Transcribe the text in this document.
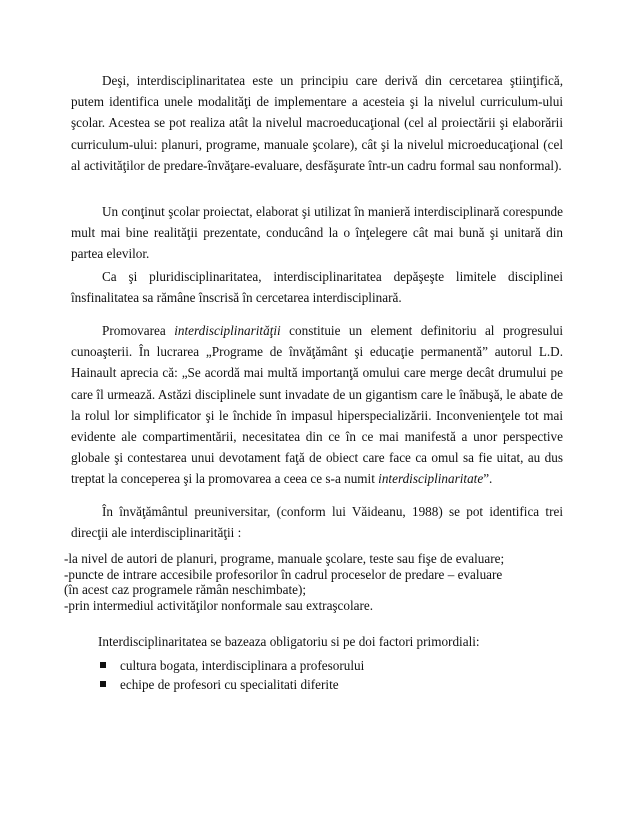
Deşi, interdisciplinaritatea este un principiu care derivă din cercetarea ştiinţifică, putem identifica unele modalităţi de implementare a acesteia şi la nivelul curriculum-ului şcolar. Acestea se pot realiza atât la nivelul macroeducaţional (cel al proiectării şi elaborării curriculum-ului: planuri, programe, manuale şcolare), cât şi la nivelul microeducaţional (cel al activităţilor de predare-învăţare-evaluare, desfăşurate într-un cadru formal sau nonformal).

Un conţinut şcolar proiectat, elaborat şi utilizat în manieră interdisciplinară corespunde mult mai bine realităţii prezentate, conducând la o înţelegere cât mai bună şi unitară din partea elevilor.

Ca şi pluridisciplinaritatea, interdisciplinaritatea depăşeşte limitele disciplinei însfinalitatea sa rămâne înscrisă în cercetarea interdisciplinară.

Promovarea interdisciplinarităţii constituie un element definitoriu al progresului cunoaşterii. În lucrarea „Programe de învăţământ şi educaţie permanentă” autorul L.D. Hainault aprecia că: „Se acordă mai multă importanţă omului care merge decât drumului pe care îl urmează. Astăzi disciplinele sunt invadate de un gigantism care le înăbuşă, le abate de la rolul lor simplificator şi le închide în impasul hiperspecializării. Inconvenienţele tot mai evidente ale compartimentării, necesitatea din ce în ce mai manifestă a unor perspective globale şi contestarea unui devotament faţă de obiect care face ca omul sa fie uitat, au dus treptat la conceperea şi la promovarea a ceea ce s-a numit interdisciplinaritate”.

În învăţământul preuniversitar, (conform lui Văideanu, 1988) se pot identifica trei direcţii ale interdisciplinarităţii :

-la nivel de autori de planuri, programe, manuale şcolare, teste sau fişe de evaluare;
-puncte de intrare accesibile profesorilor în cadrul proceselor de predare – evaluare
(în acest caz programele rămân neschimbate);
-prin intermediul activităţilor nonformale sau extraşcolare.

Interdisciplinaritatea se bazeaza obligatoriu si pe doi factori primordiali:

cultura bogata, interdisciplinara a profesorului
echipe de profesori cu specialitati diferite
